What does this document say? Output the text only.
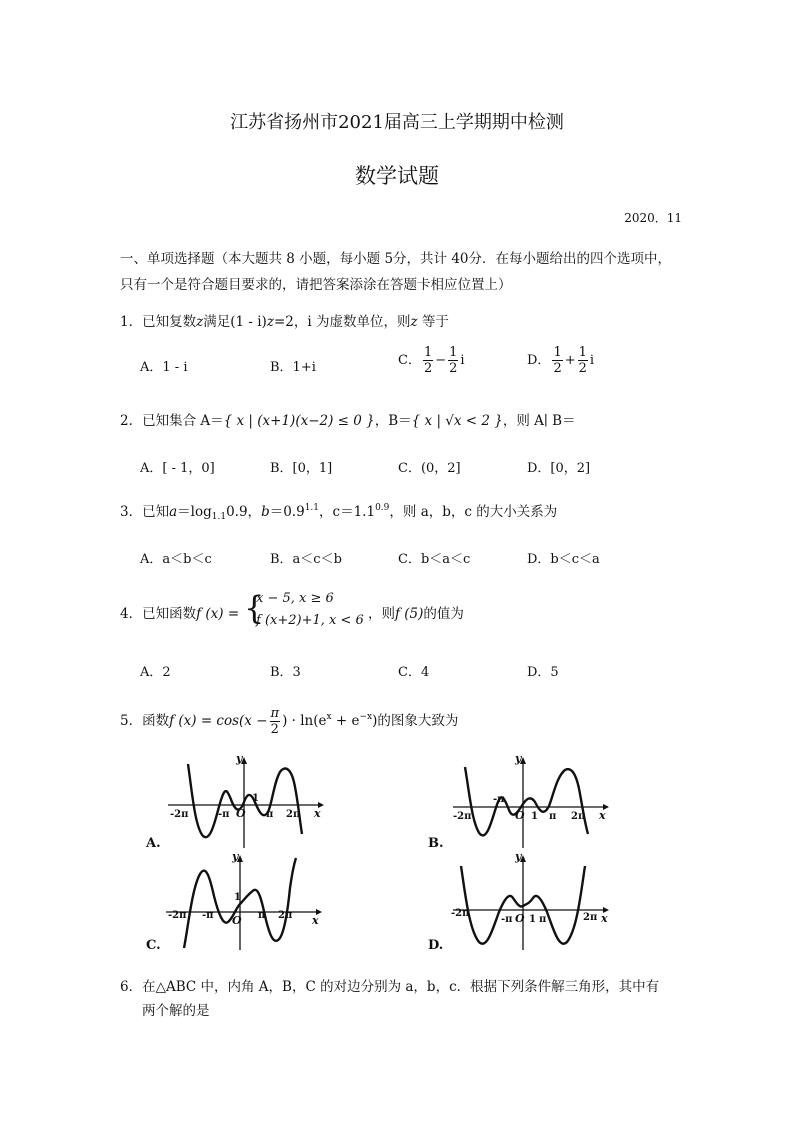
江苏省扬州市2021届高三上学期期中检测
数学试题
2020．11
一、单项选择题（本大题共 8 小题，每小题 5分，共计 40分．在每小题给出的四个选项中，
只有一个是符合题目要求的，请把答案添涂在答题卡相应位置上）
1．已知复数z满足(1 - i)z=2，i 为虚数单位，则z 等于
A．1 - i	B．1+i	C． $\frac{1}{2} - \frac{1}{2}$ i	D． $\frac{1}{2} + \frac{1}{2}$ i
2．已知集合 A＝{ x | (x+1)(x−2) ≤ 0 }，B＝{ x | √x < 2 }，则 A∣ B＝
A．[ - 1，0]	B．[0，1]	C．(0，2]	D．[0，2]
3．已知$a=\log_{1.1}0.9$，$b=0.9^{1.1}$，$c=1.1^{0.9}$，则 a，b，c 的大小关系为
A．a＜b＜c	B．a＜c＜b	C．b＜a＜c	D．b＜c＜a
4．已知函数f (x) = {
x − 5, x ≥ 6
f (x+2)+1, x < 6 ，则f (5)的值为
A．2	B．3	C．4	D．5
5．函数f $(x) = \cos(x - \frac{\pi}{2}$ ) · $\ln(e^x + e^{-x})$的图象大致为
y
x
O
-2π	-π
1
π 2π
A.
y
x
O
-2π
-π
1 π 2π
B.
y
x
O
-2π -π
1
π 2π
C.
y
x
O
-2π
-π 1 π	2π
D.
6．在△ABC 中，内角 A，B，C 的对边分别为 a，b，c．根据下列条件解三角形，其中有
两个解的是
